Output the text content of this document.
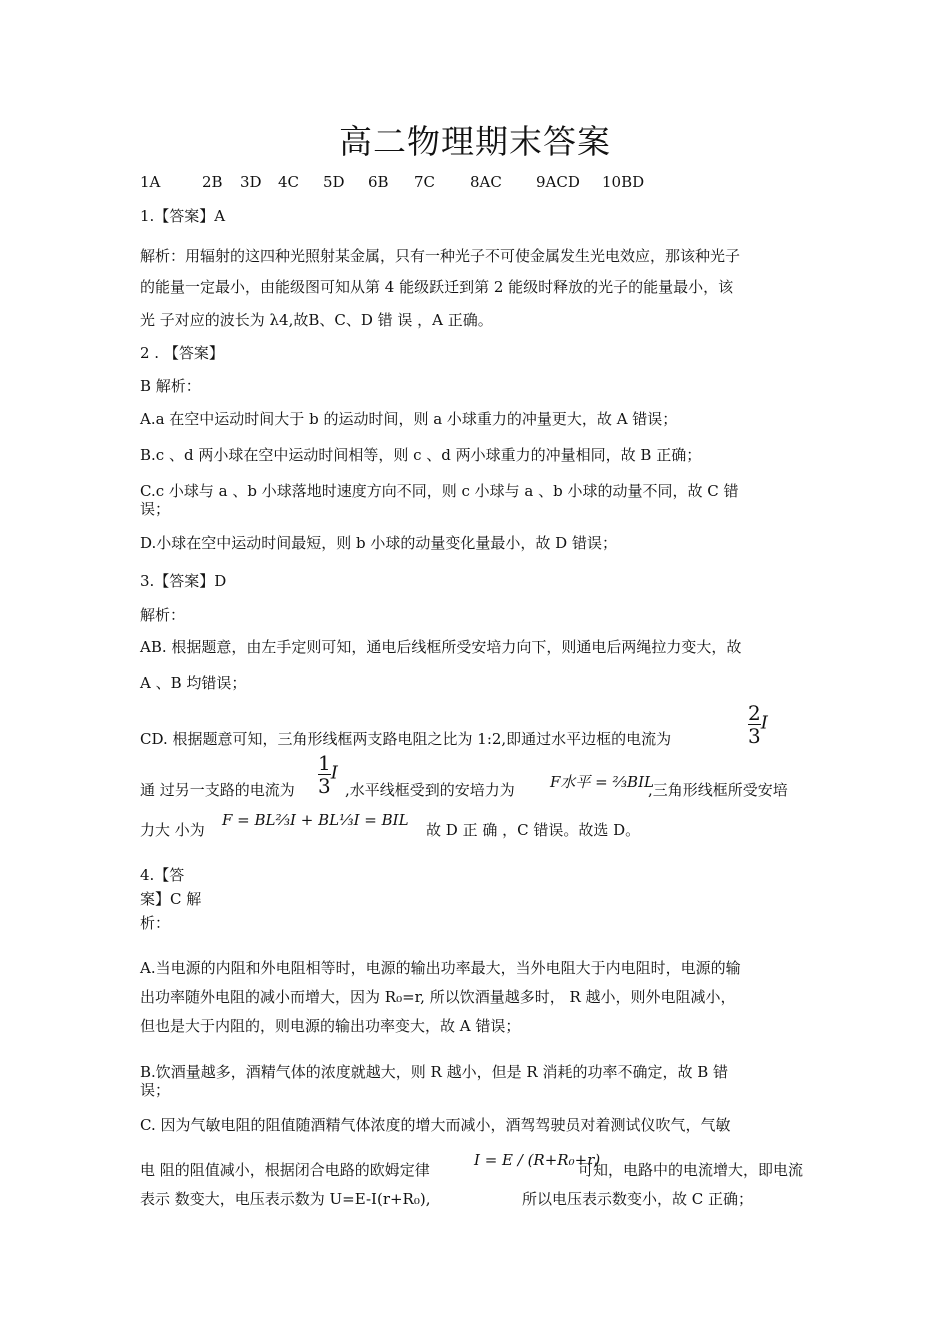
高二物理期末答案
1A	2B 3D 4C 5D 6B 7C 8AC 9ACD 10BD
1.【答案】A
解析：用辐射的这四种光照射某金属，只有一种光子不可使金属发生光电效应，那该种光子
的能量一定最小，由能级图可知从第 4 能级跃迁到第 2 能级时释放的光子的能量最小，该
光 子对应的波长为 λ4,故B、C、D 错 误 ，A 正确。
2 . 【答案】
B 解析：
A.a 在空中运动时间大于 b 的运动时间，则 a 小球重力的冲量更大，故 A 错误；
B.c 、d 两小球在空中运动时间相等，则 c 、d 两小球重力的冲量相同，故 B 正确；
C.c 小球与 a 、b 小球落地时速度方向不同，则 c 小球与 a 、b 小球的动量不同，故 C 错
误；
D.小球在空中运动时间最短，则 b 小球的动量变化量最小，故 D 错误；
3.【答案】D
解析：
AB. 根据题意，由左手定则可知，通电后线框所受安培力向下，则通电后两绳拉力变大，故
A 、B 均错误；
CD. 根据题意可知，三角形线框两支路电阻之比为 1:2,即通过水平边框的电流为	$\frac{2}{3}I$
通 过另一支路的电流为 $\frac{1}{3}I$
,水平线框受到的安培力为 F水平 = ⅔BIL
,三角形线框所受安培
力大 小为
F = BL⅔I + BL⅓I = BIL
故 D 正 确 ，C 错误。故选 D。
4.【答
案】C 解
析：
A.当电源的内阻和外电阻相等时，电源的输出功率最大，当外电阻大于内电阻时，电源的输
出功率随外电阻的减小而增大，因为 R₀=r, 所以饮酒量越多时， R 越小，则外电阻减小，
但也是大于内阻的，则电源的输出功率变大，故 A 错误；
B.饮酒量越多，酒精气体的浓度就越大，则 R 越小，但是 R 消耗的功率不确定，故 B 错
误；
C. 因为气敏电阻的阻值随酒精气体浓度的增大而减小，酒驾驾驶员对着测试仪吹气，气敏
电 阻的阻值减小，根据闭合电路的欧姆定律
I = E / (R+R₀+r)
可知，电路中的电流增大，即电流
表示 数变大，电压表示数为 U=E-I(r+R₀),	所以电压表示数变小，故 C 正确；
